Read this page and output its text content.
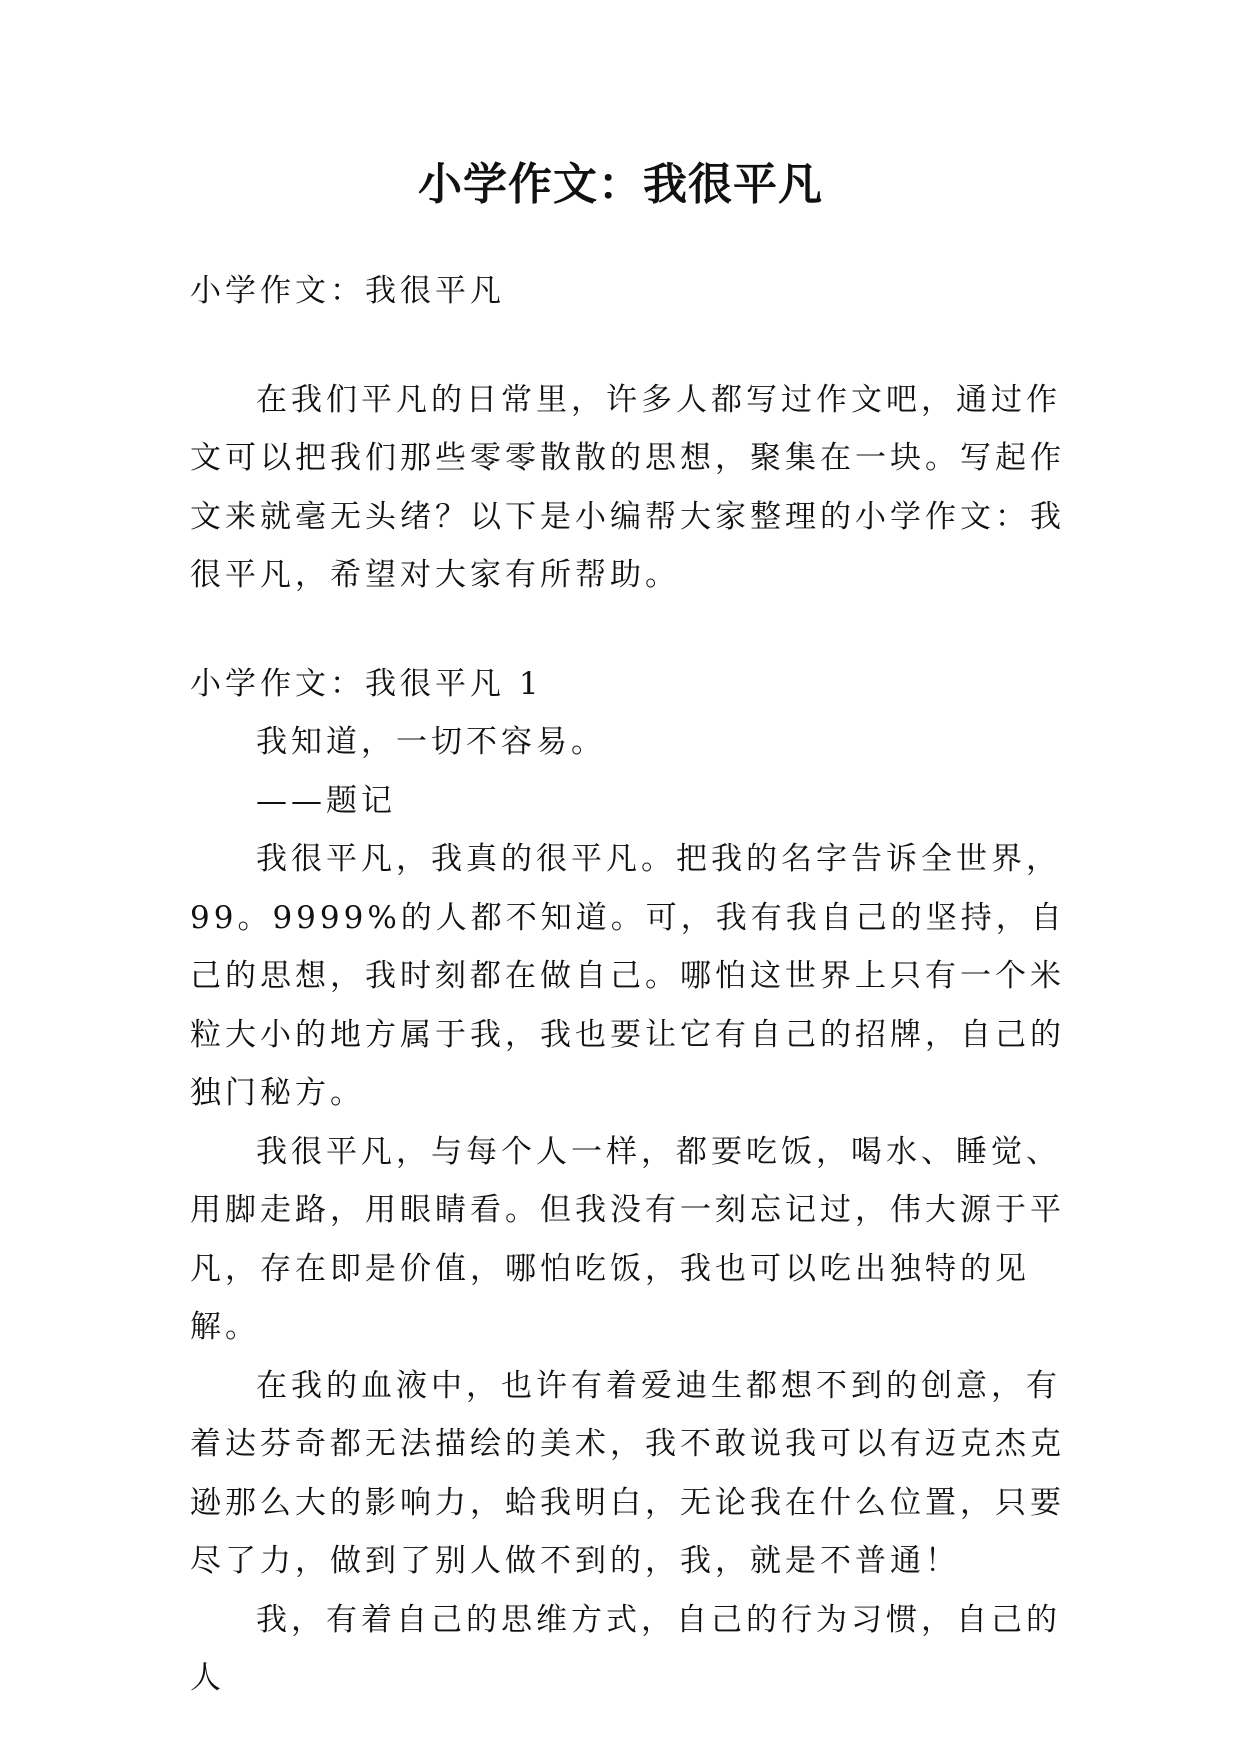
小学作文：我很平凡

小学作文：我很平凡

在我们平凡的日常里，许多人都写过作文吧，通过作文可以把我们那些零零散散的思想，聚集在一块。写起作文来就毫无头绪？以下是小编帮大家整理的小学作文：我很平凡，希望对大家有所帮助。

小学作文：我很平凡 1

我知道，一切不容易。

——题记

我很平凡，我真的很平凡。把我的名字告诉全世界，99。9999%的人都不知道。可，我有我自己的坚持，自己的思想，我时刻都在做自己。哪怕这世界上只有一个米粒大小的地方属于我，我也要让它有自己的招牌，自己的独门秘方。

我很平凡，与每个人一样，都要吃饭，喝水、睡觉、用脚走路，用眼睛看。但我没有一刻忘记过，伟大源于平凡，存在即是价值，哪怕吃饭，我也可以吃出独特的见解。

在我的血液中，也许有着爱迪生都想不到的创意，有着达芬奇都无法描绘的美术，我不敢说我可以有迈克杰克逊那么大的影响力，蛤我明白，无论我在什么位置，只要尽了力，做到了别人做不到的，我，就是不普通！

我，有着自己的思维方式，自己的行为习惯，自己的人
